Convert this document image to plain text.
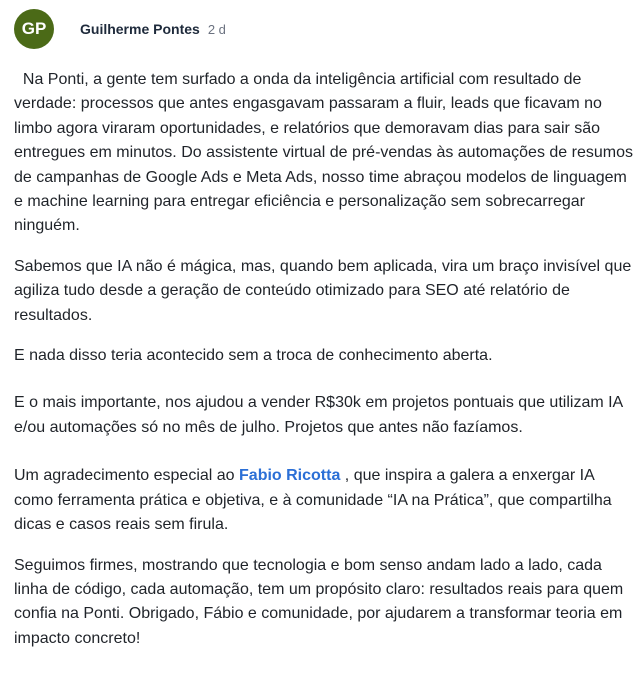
GP	Guilherme Pontes 2 d

Na Ponti, a gente tem surfado a onda da inteligência artificial com resultado de verdade: processos que antes engasgavam passaram a fluir, leads que ficavam no limbo agora viraram oportunidades, e relatórios que demoravam dias para sair são entregues em minutos. Do assistente virtual de pré-vendas às automações de resumos de campanhas de Google Ads e Meta Ads, nosso time abraçou modelos de linguagem e machine learning para entregar eficiência e personalização sem sobrecarregar ninguém.

Sabemos que IA não é mágica, mas, quando bem aplicada, vira um braço invisível que agiliza tudo desde a geração de conteúdo otimizado para SEO até relatório de resultados.

E nada disso teria acontecido sem a troca de conhecimento aberta.

E o mais importante, nos ajudou a vender R$30k em projetos pontuais que utilizam IA e/ou automações só no mês de julho. Projetos que antes não fazíamos.

Um agradecimento especial ao Fabio Ricotta , que inspira a galera a enxergar IA como ferramenta prática e objetiva, e à comunidade “IA na Prática”, que compartilha dicas e casos reais sem firula.

Seguimos firmes, mostrando que tecnologia e bom senso andam lado a lado, cada linha de código, cada automação, tem um propósito claro: resultados reais para quem confia na Ponti. Obrigado, Fábio e comunidade, por ajudarem a transformar teoria em impacto concreto!
